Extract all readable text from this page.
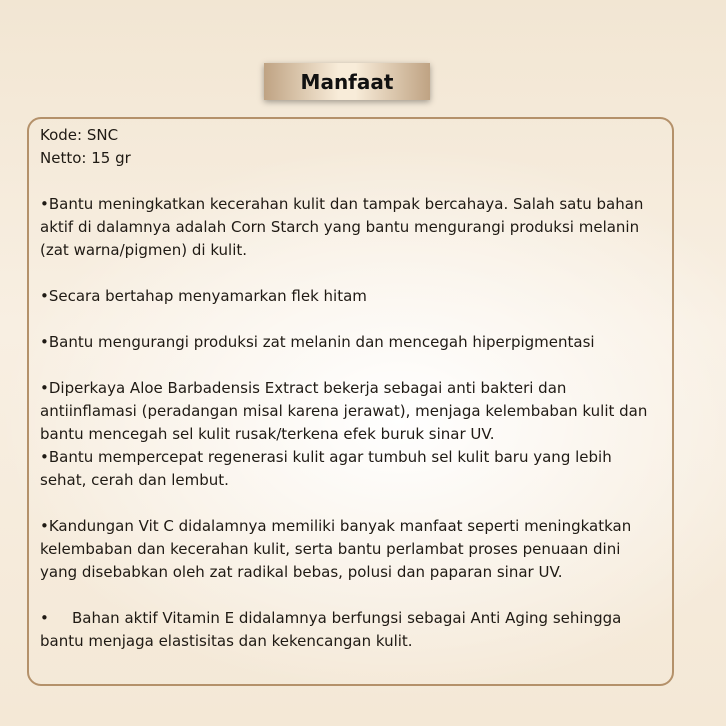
Manfaat

Kode: SNC

Netto: 15 gr

•Bantu meningkatkan kecerahan kulit dan tampak bercahaya. Salah satu bahan

aktif di dalamnya adalah Corn Starch yang bantu mengurangi produksi melanin

(zat warna/pigmen) di kulit.

•Secara bertahap menyamarkan flek hitam

•Bantu mengurangi produksi zat melanin dan mencegah hiperpigmentasi

•Diperkaya Aloe Barbadensis Extract bekerja sebagai anti bakteri dan

antiinflamasi (peradangan misal karena jerawat), menjaga kelembaban kulit dan

bantu mencegah sel kulit rusak/terkena efek buruk sinar UV.

•Bantu mempercepat regenerasi kulit agar tumbuh sel kulit baru yang lebih

sehat, cerah dan lembut.

•Kandungan Vit C didalamnya memiliki banyak manfaat seperti meningkatkan

kelembaban dan kecerahan kulit, serta bantu perlambat proses penuaan dini

yang disebabkan oleh zat radikal bebas, polusi dan paparan sinar UV.

• Bahan aktif Vitamin E didalamnya berfungsi sebagai Anti Aging sehingga

bantu menjaga elastisitas dan kekencangan kulit.
